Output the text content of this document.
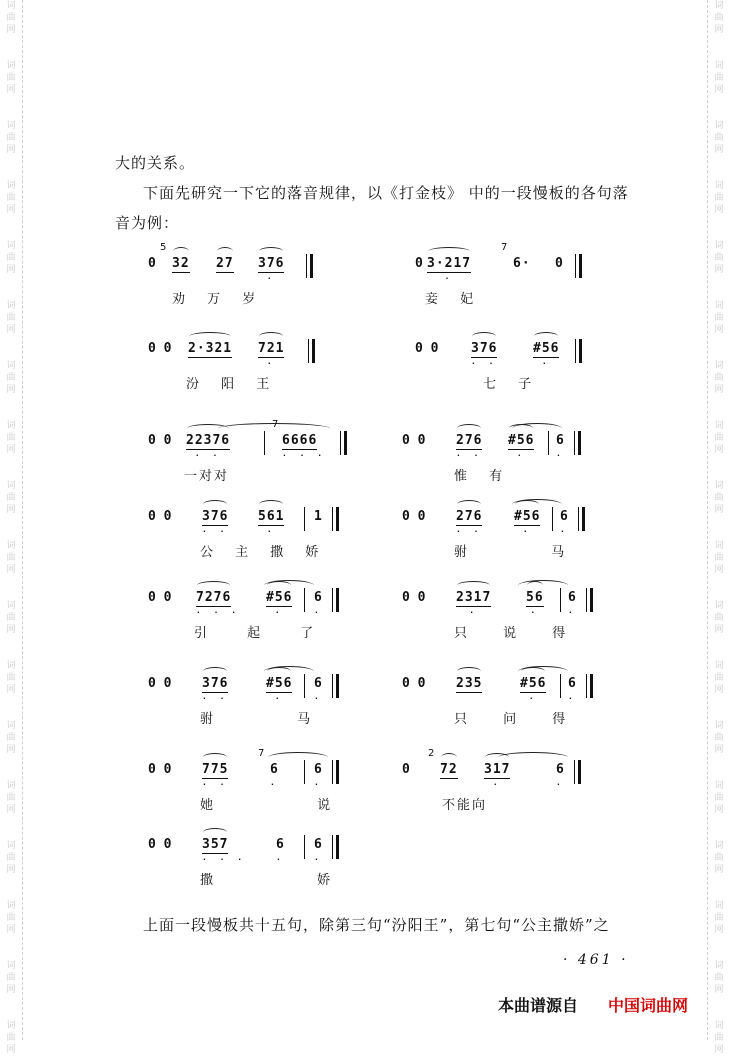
词
曲
网
词
曲
网
词
曲
网
词
曲
网
词
曲
网
词
曲
网
词
曲
网
词
曲
网
词
曲
网
词
曲
网
词
曲
网
词
曲
网
词
曲
网
词
曲
网
词
曲
网
词
曲
网
词
曲
网
词
曲
网
词
曲
网
词
曲
网
词
曲
网
词
曲
网
词
曲
网
词
曲
网
词
曲
网
词
曲
网
词
曲
网
词
曲
网
词
曲
网
词
曲
网
词
曲
网
词
曲
网
词
曲
网
词
曲
网
词
曲
网
词
曲
网
大的关系。
下面先研究一下它的落音规律，以《打金枝》 中的一段慢板的各句落
音为例：
0
5
32 27 376
·
劝 万 岁
0 3·217
·
7
6· 0
妾 妃
0 0 2·321 721
·
汾 阳 王
0 0	376
· ·
#56
·
七 子
0 0 22376
· ·
7
6666
· · ·
一对对
0 0 276
· ·
#56
·
6
·
惟 有
0 0 376
· ·
561
·
1
公 主 撒 娇
0 0 276
· ·
#56
·
6
·
驸 马
0 0 7276
· · ·
#56
·
6
·
引 起 了
0 0 2317
·
56
·
6
·
只 说 得
0 0 376
· ·
#56
·
6
·
驸 马
0 0 235	#56
·
6
·
只 问 得
0 0 775
· ·
7
6
·
6
·
她 说
0
2
72 317
·
6
·
不能向
0 0 357
· · ·
6
·
6
·
撒 娇
上面一段慢板共十五句，除第三句“汾阳王”，第七句“公主撒娇”之
· 461 ·
本曲谱源自 中国词曲网
